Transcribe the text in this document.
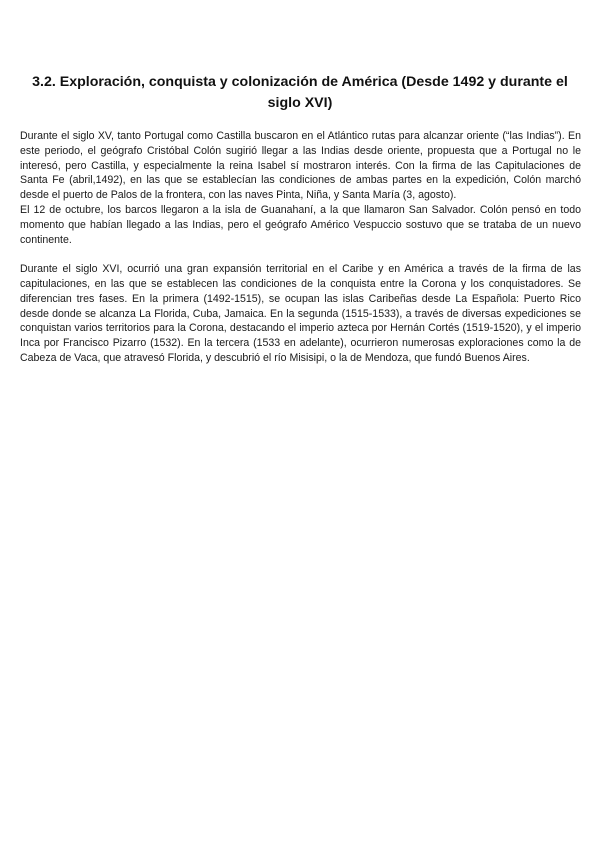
3.2. Exploración, conquista y colonización de América (Desde 1492 y durante el siglo XVI)

Durante el siglo XV, tanto Portugal como Castilla buscaron en el Atlántico rutas para alcanzar oriente (“las Indias”). En este periodo, el geógrafo Cristóbal Colón sugirió llegar a las Indias desde oriente, propuesta que a Portugal no le interesó, pero Castilla, y especialmente la reina Isabel sí mostraron interés. Con la firma de las Capitulaciones de Santa Fe (abril,1492), en las que se establecían las condiciones de ambas partes en la expedición, Colón marchó desde el puerto de Palos de la frontera, con las naves Pinta, Niña, y Santa María (3, agosto).

El 12 de octubre, los barcos llegaron a la isla de Guanahaní, a la que llamaron San Salvador. Colón pensó en todo momento que habían llegado a las Indias, pero el geógrafo Américo Vespuccio sostuvo que se trataba de un nuevo continente.

Durante el siglo XVI, ocurrió una gran expansión territorial en el Caribe y en América a través de la firma de las capitulaciones, en las que se establecen las condiciones de la conquista entre la Corona y los conquistadores. Se diferencian tres fases. En la primera (1492-1515), se ocupan las islas Caribeñas desde La Española: Puerto Rico desde donde se alcanza La Florida, Cuba, Jamaica. En la segunda (1515-1533), a través de diversas expediciones se conquistan varios territorios para la Corona, destacando el imperio azteca por Hernán Cortés (1519-1520), y el imperio Inca por Francisco Pizarro (1532). En la tercera (1533 en adelante), ocurrieron numerosas exploraciones como la de Cabeza de Vaca, que atravesó Florida, y descubrió el río Misisipi, o la de Mendoza, que fundó Buenos Aires.
